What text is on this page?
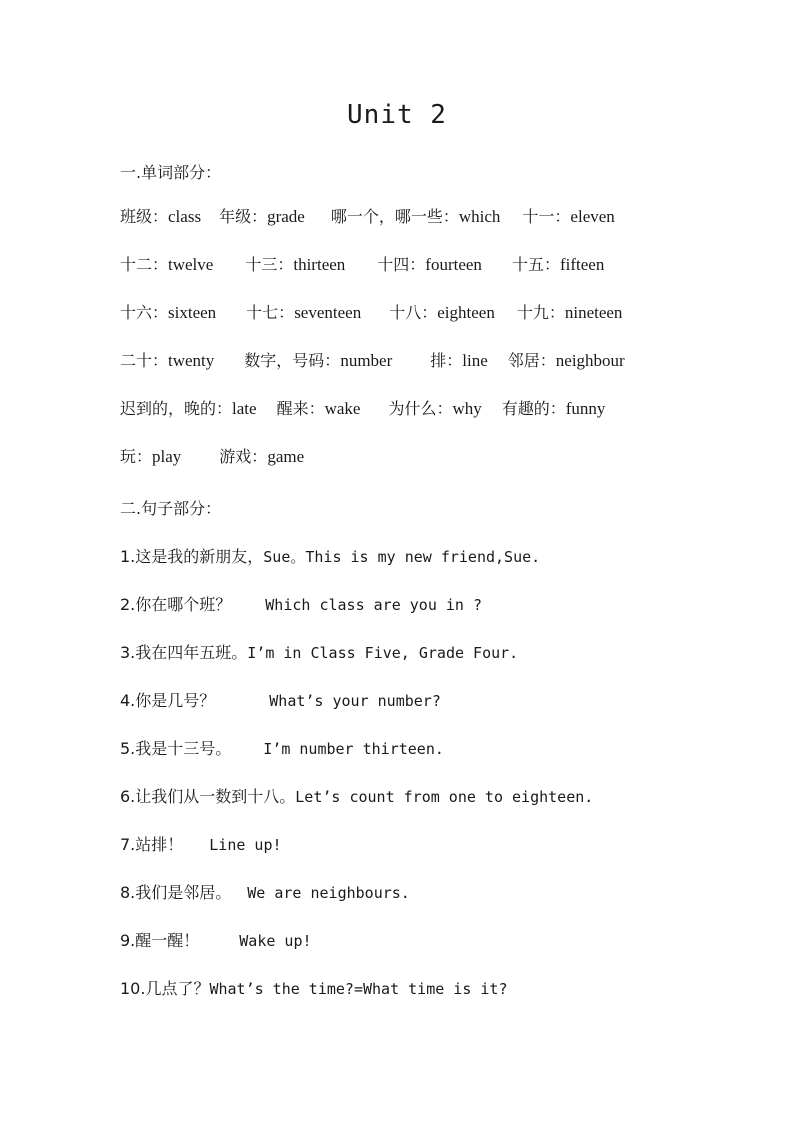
Unit 2
一.单词部分：
班级：class 年级：grade 哪一个，哪一些：which 十一：eleven
十二：twelve 十三：thirteen 十四：fourteen 十五：fifteen
十六：sixteen 十七：seventeen 十八：eighteen 十九：nineteen
二十：twenty 数字，号码：number 排：line 邻居：neighbour
迟到的，晚的：late 醒来：wake 为什么：why 有趣的：funny
玩：play 游戏：game
二.句子部分：
1.这是我的新朋友，Sue。This is my new friend,Sue.
2.你在哪个班？ Which class are you in ?
3.我在四年五班。I’m in Class Five, Grade Four.
4.你是几号？	What’s your number?
5.我是十三号。 I’m number thirteen.
6.让我们从一数到十八。Let’s count from one to eighteen.
7.站排！ Line up!
8.我们是邻居。 We are neighbours.
9.醒一醒！	Wake up!
10.几点了？What’s the time?=What time is it?
